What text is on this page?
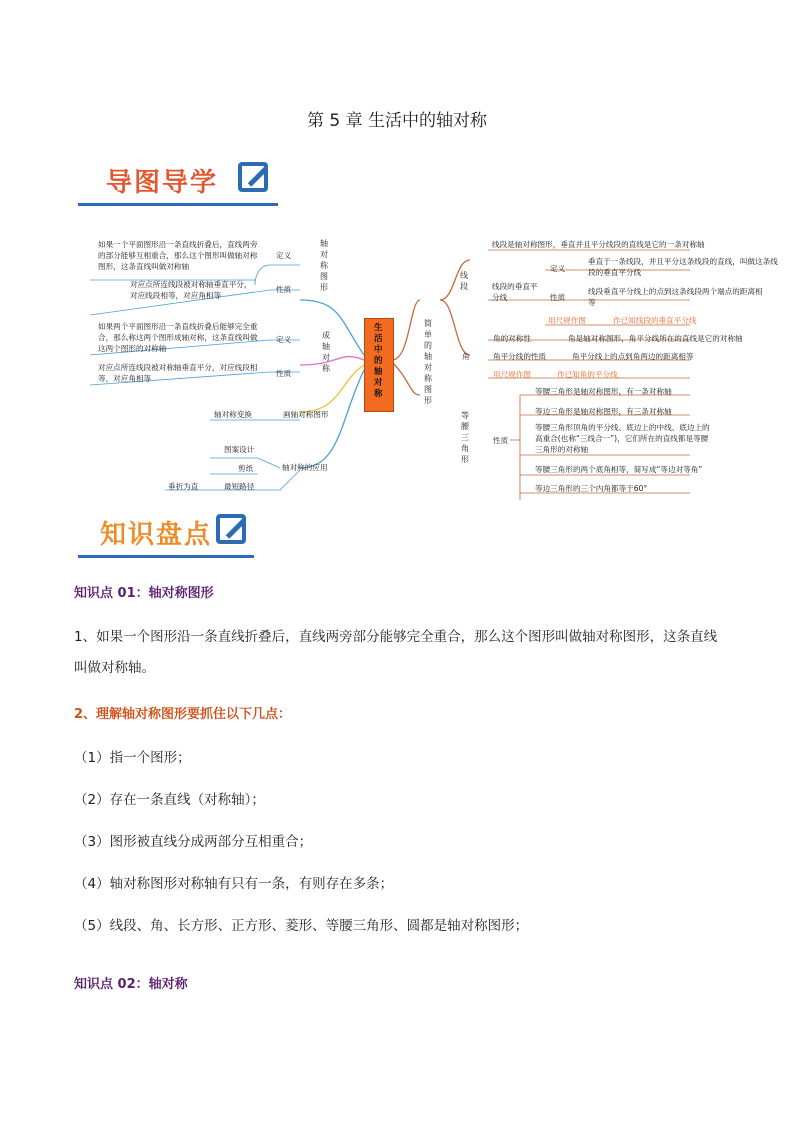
第 5 章 生活中的轴对称
导图导学
生活中的轴对称
轴对称图形
定义
如果一个平面图形沿一条直线折叠后，直线两旁的部分能够互相重合，那么这个图形叫做轴对称图形，这条直线叫做对称轴
性质
对应点所连线段被对称轴垂直平分，对应线段相等，对应角相等
成轴对称
定义
如果两个平面图形沿一条直线折叠后能够完全重合，那么称这两个图形成轴对称，这条直线叫做这两个图形的对称轴
性质
对应点所连线段被对称轴垂直平分，对应线段相等，对应角相等
画轴对称图形
轴对称变换
轴对称的应用
图案设计
剪纸
最短路径
垂折为直
简单的轴对称图形
线段
线段是轴对称图形，垂直并且平分线段的直线是它的一条对称轴
线段的垂直平分线
定义
垂直于一条线段，并且平分这条线段的直线，叫做这条线段的垂直平分线
性质
线段垂直平分线上的点到这条线段两个端点的距离相等
用尺规作图	作已知线段的垂直平分线
角
角的对称性	角是轴对称图形，角平分线所在的直线是它的对称轴
角平分线的性质	角平分线上的点到角两边的距离相等
用尺规作图	作已知角的平分线
等腰三角形
性质
等腰三角形是轴对称图形，有一条对称轴
等边三角形是轴对称图形，有三条对称轴
等腰三角形顶角的平分线、底边上的中线、底边上的高重合(也称“三线合一”)，它们所在的直线都是等腰三角形的对称轴
等腰三角形的两个底角相等，简写成“等边对等角”
等边三角形的三个内角都等于60°
知识盘点
知识点 01：轴对称图形
1、如果一个图形沿一条直线折叠后，直线两旁部分能够完全重合，那么这个图形叫做轴对称图形，这条直线叫做对称轴。
2、理解轴对称图形要抓住以下几点：
（1）指一个图形；
（2）存在一条直线（对称轴）；
（3）图形被直线分成两部分互相重合；
（4）轴对称图形对称轴有只有一条，有则存在多条；
（5）线段、角、长方形、正方形、菱形、等腰三角形、圆都是轴对称图形；
知识点 02：轴对称
